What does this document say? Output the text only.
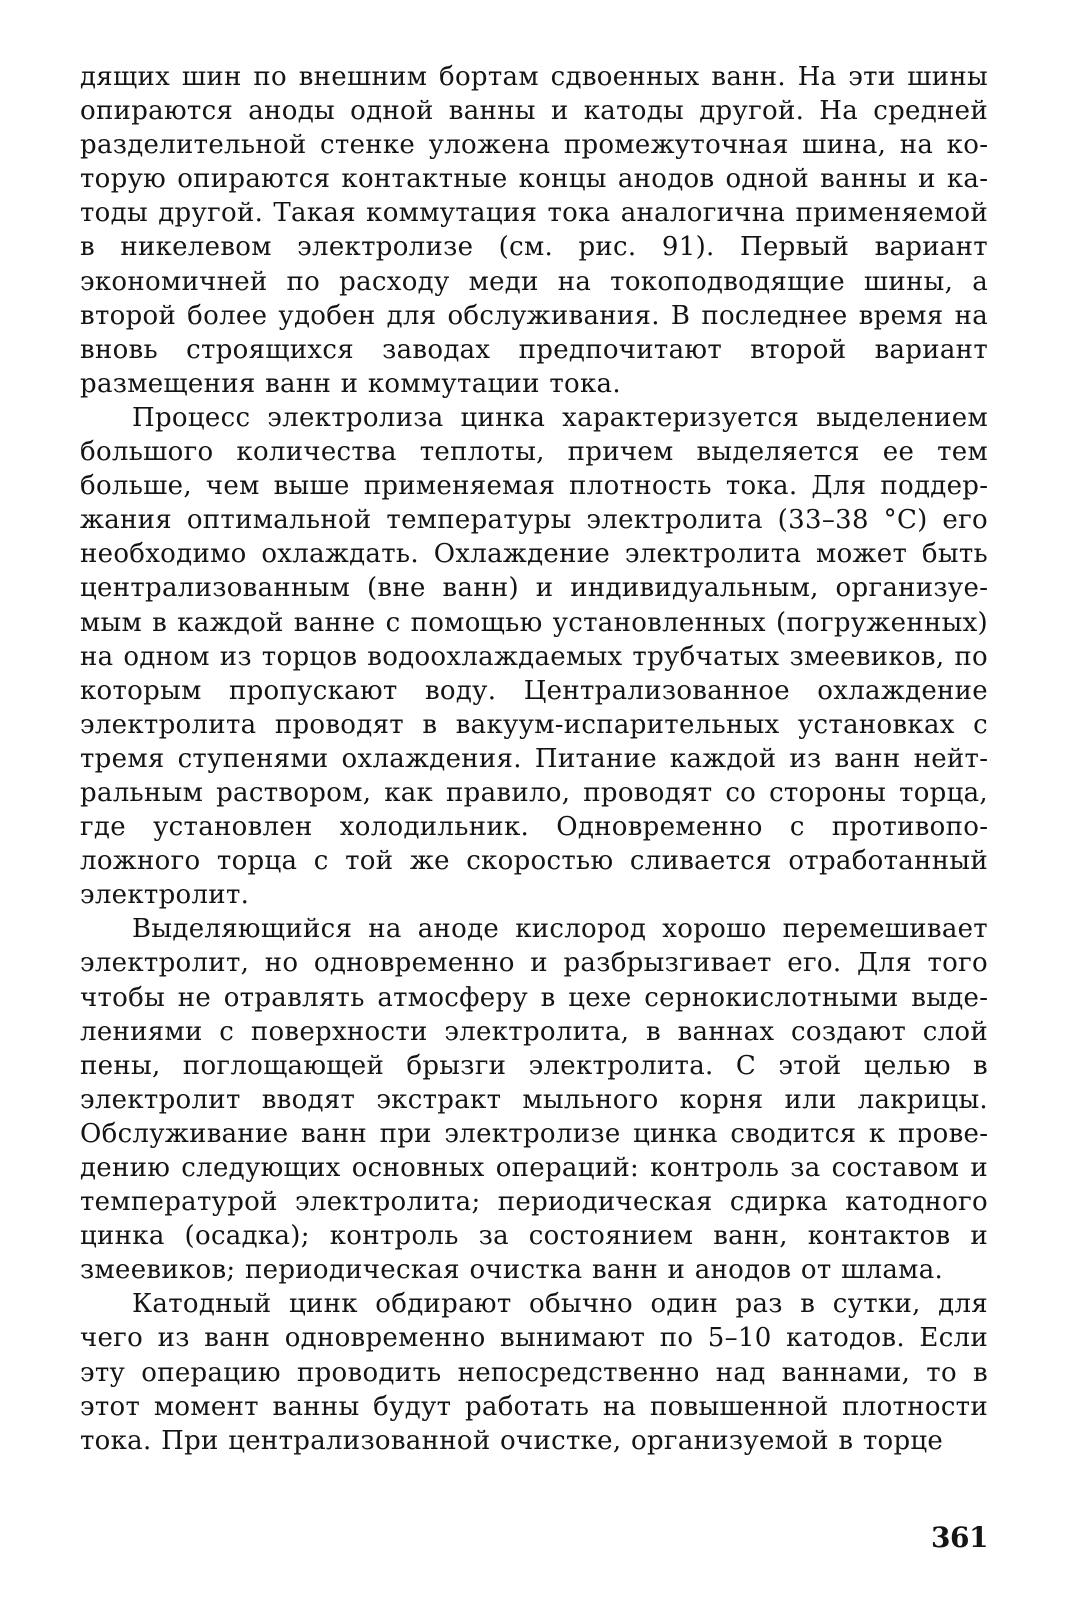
дящих шин по внешним бортам сдвоенных ванн. На эти шины опираются аноды одной ванны и катоды другой. На средней разделительной стенке уложена промежуточная шина, на которую опираются контактные концы анодов одной ванны и катоды другой. Такая коммутация тока аналогична применяемой в никелевом электролизе (см. рис. 91). Первый вариант экономичней по расходу меди на токоподводящие шины, а второй более удобен для обслуживания. В последнее время на вновь строящихся заводах предпочитают второй вариант размещения ванн и коммутации тока.

Процесс электролиза цинка характеризуется выделением большого количества теплоты, причем выделяется ее тем больше, чем выше применяемая плотность тока. Для поддержания оптимальной температуры электролита (33–38 °С) его необходимо охлаждать. Охлаждение электролита может быть централизованным (вне ванн) и индивидуальным, организуемым в каждой ванне с помощью установленных (погруженных) на одном из торцов водоохлаждаемых трубчатых змеевиков, по которым пропускают воду. Централизованное охлаждение электролита проводят в вакуум-испарительных установках с тремя ступенями охлаждения. Питание каждой из ванн нейтральным раствором, как правило, проводят со стороны торца, где установлен холодильник. Одновременно с противоположного торца с той же скоростью сливается отработанный электролит.

Выделяющийся на аноде кислород хорошо перемешивает электролит, но одновременно и разбрызгивает его. Для того чтобы не отравлять атмосферу в цехе сернокислотными выделениями с поверхности электролита, в ваннах создают слой пены, поглощающей брызги электролита. С этой целью в электролит вводят экстракт мыльного корня или лакрицы. Обслуживание ванн при электролизе цинка сводится к проведению следующих основных операций: контроль за составом и температурой электролита; периодическая сдирка катодного цинка (осадка); контроль за состоянием ванн, контактов и змеевиков; периодическая очистка ванн и анодов от шлама.

Катодный цинк обдирают обычно один раз в сутки, для чего из ванн одновременно вынимают по 5–10 катодов. Если эту операцию проводить непосредственно над ваннами, то в этот момент ванны будут работать на повышенной плотности тока. При централизованной очистке, организуемой в торце

361
